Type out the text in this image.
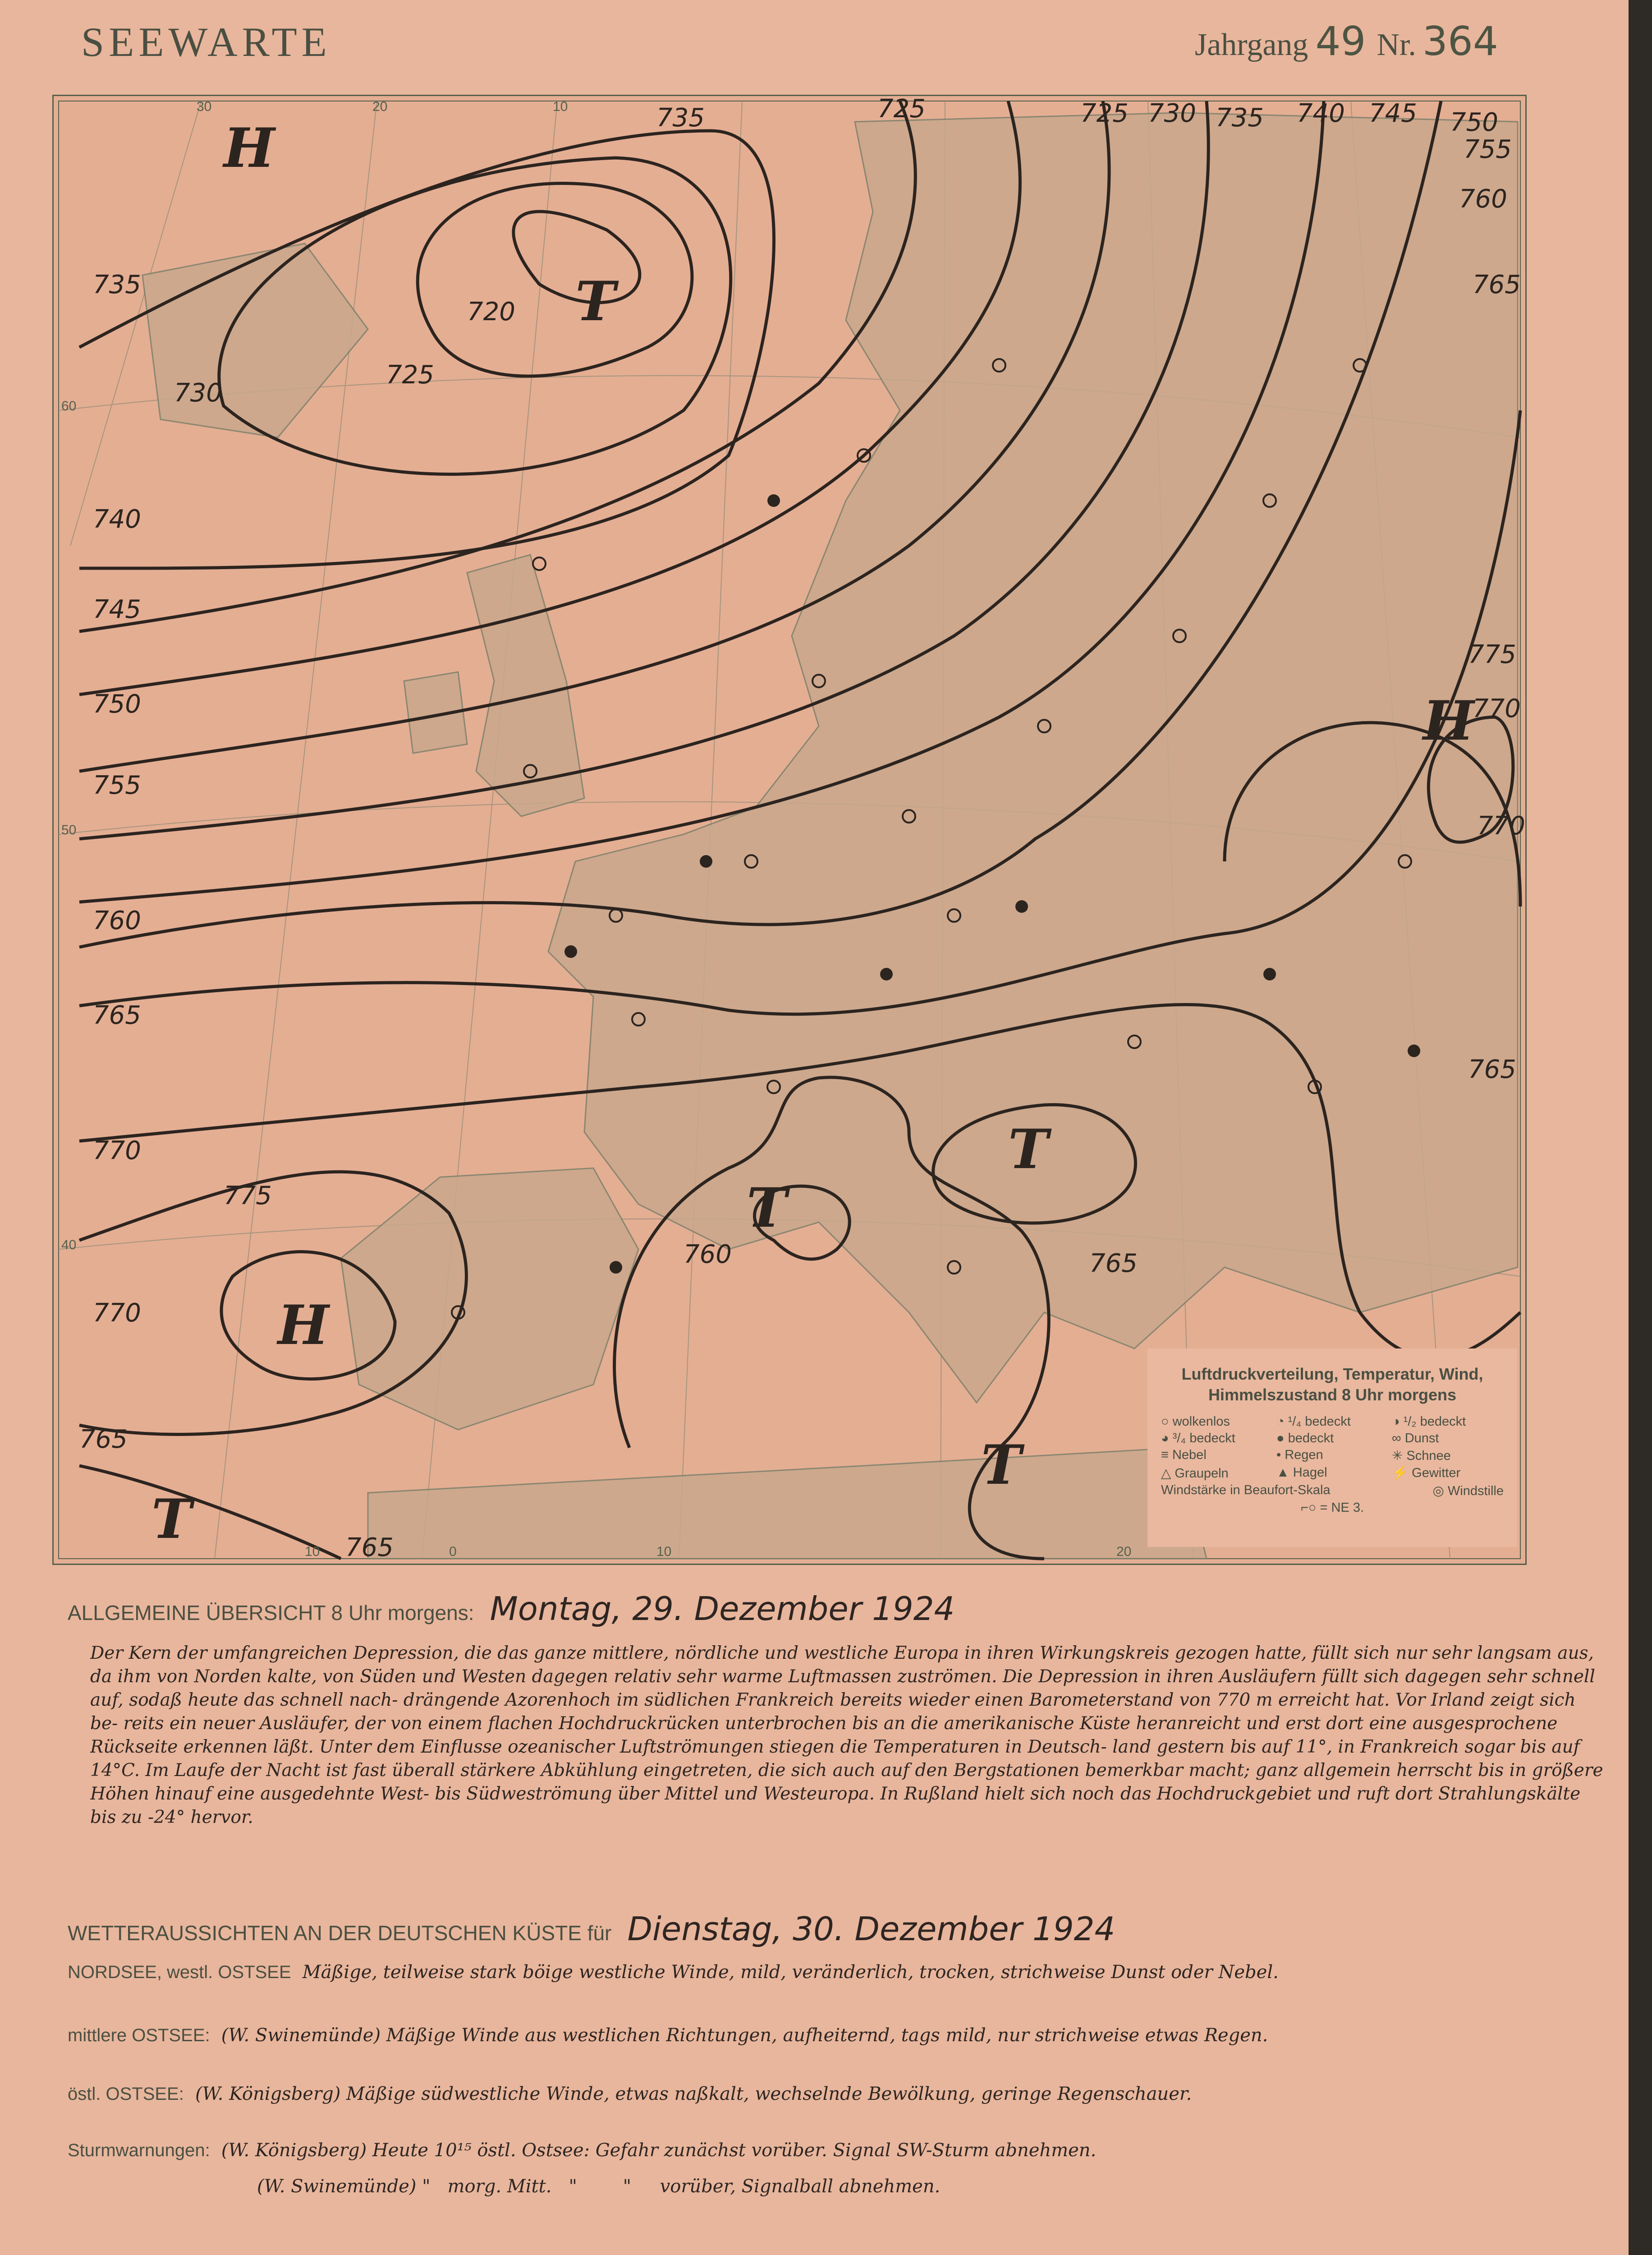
SEEWARTE	Jahrgang 49 Nr. 364
735	725	725 730 735 740 745 750
755
760
765
720
725
730
735
740
745
750
755
760
765
770
775
770
765
760	765
775
770
770
765
765
H
T
H
H
T
T
T
T
60
50
40
30	20	10
10	0	10	20
Luftdruckverteilung, Temperatur, Wind,
Himmelszustand 8 Uhr morgens
○ wolkenlos	◔ ¹/₄ bedeckt	◑ ¹/₂ bedeckt
◕ ³/₄ bedeckt	● bedeckt	∞ Dunst
≡ Nebel	• Regen	✳ Schnee
△ Graupeln	▲ Hagel	⚡ Gewitter
Windstärke in Beaufort-Skala	◎ Windstille
⌐○
= NE 3.
ALLGEMEINE ÜBERSICHT 8 Uhr morgens: Montag, 29. Dezember 1924
Der Kern der umfangreichen Depression, die das ganze mittlere, nördliche und westliche Europa in ihren Wirkungskreis gezogen hatte, füllt sich nur sehr langsam aus, da ihm von Norden kalte, von Süden und Westen dagegen relativ sehr warme Luftmassen zuströmen. Die Depression in ihren Ausläufern füllt sich dagegen sehr schnell auf, sodaß heute das schnell nach- drängende Azorenhoch im südlichen Frankreich bereits wieder einen Barometerstand von 770 m erreicht hat. Vor Irland zeigt sich be- reits ein neuer Ausläufer, der von einem flachen Hochdruckrücken unterbrochen bis an die amerikanische Küste heranreicht und erst dort eine ausgesprochene Rückseite erkennen läßt. Unter dem Einflusse ozeanischer Luftströmungen stiegen die Temperaturen in Deutsch- land gestern bis auf 11°, in Frankreich sogar bis auf 14°C. Im Laufe der Nacht ist fast überall stärkere Abkühlung eingetreten, die sich auch auf den Bergstationen bemerkbar macht; ganz allgemein herrscht bis in größere Höhen hinauf eine ausgedehnte West- bis Südweströmung über Mittel und Westeuropa. In Rußland hielt sich noch das Hochdruckgebiet und ruft dort Strahlungskälte bis zu -24° hervor.
WETTERAUSSICHTEN AN DER DEUTSCHEN KÜSTE für Dienstag, 30. Dezember 1924
NORDSEE, westl. OSTSEE Mäßige, teilweise stark böige westliche Winde, mild, veränderlich, trocken, strichweise Dunst oder Nebel.
mittlere OSTSEE: (W. Swinemünde) Mäßige Winde aus westlichen Richtungen, aufheiternd, tags mild, nur strichweise etwas Regen.
östl. OSTSEE: (W. Königsberg) Mäßige südwestliche Winde, etwas naßkalt, wechselnde Bewölkung, geringe Regenschauer.
Sturmwarnungen: (W. Königsberg) Heute 10¹⁵ östl. Ostsee: Gefahr zunächst vorüber. Signal SW-Sturm abnehmen.
(W. Swinemünde) "   morg. Mitt.   "        "     vorüber, Signalball abnehmen.
